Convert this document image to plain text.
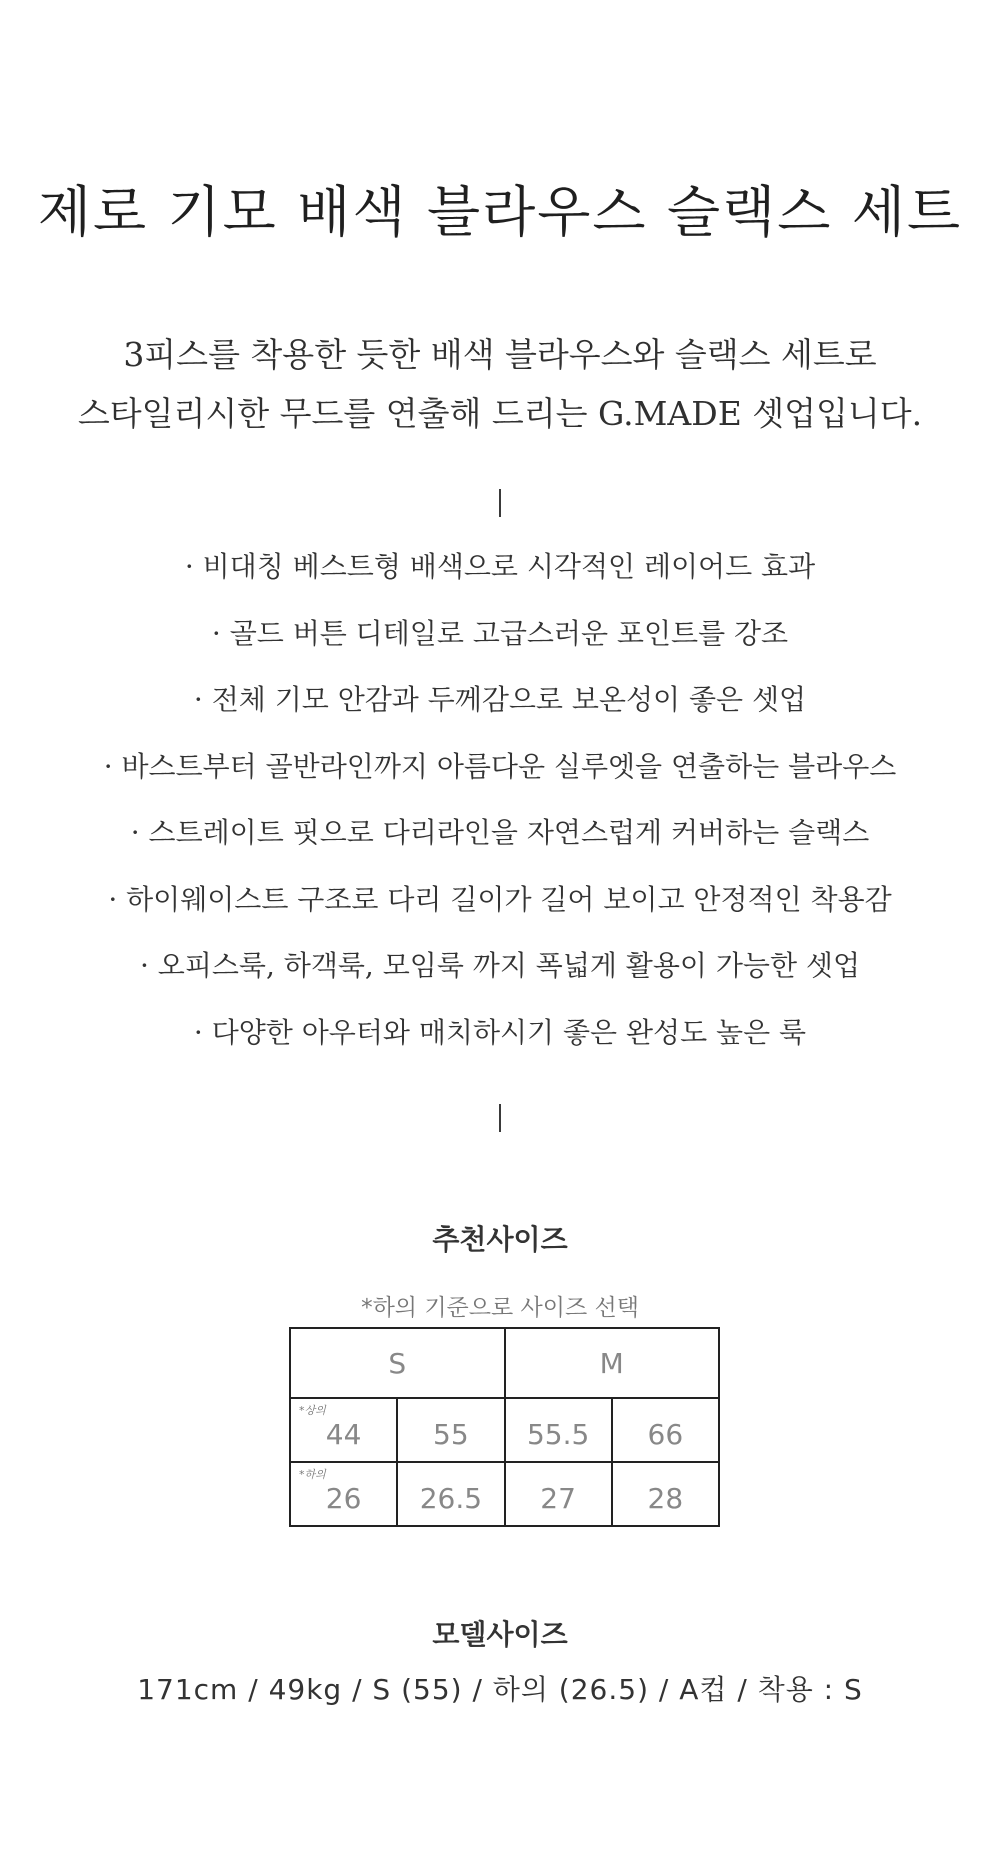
제로 기모 배색 블라우스 슬랙스 세트
3피스를 착용한 듯한 배색 블라우스와 슬랙스 세트로
스타일리시한 무드를 연출해 드리는 G.MADE 셋업입니다.
· 비대칭 베스트형 배색으로 시각적인 레이어드 효과
· 골드 버튼 디테일로 고급스러운 포인트를 강조
· 전체 기모 안감과 두께감으로 보온성이 좋은 셋업
· 바스트부터 골반라인까지 아름다운 실루엣을 연출하는 블라우스
· 스트레이트 핏으로 다리라인을 자연스럽게 커버하는 슬랙스
· 하이웨이스트 구조로 다리 길이가 길어 보이고 안정적인 착용감
· 오피스룩, 하객룩, 모임룩 까지 폭넓게 활용이 가능한 셋업
· 다양한 아우터와 매치하시기 좋은 완성도 높은 룩
추천사이즈
*하의 기준으로 사이즈 선택
S		M	

*상의
44	55	55.5	66

*하의
26	26.5	27	28
모델사이즈
171cm / 49kg / S (55) / 하의 (26.5) / A컵 / 착용 : S
